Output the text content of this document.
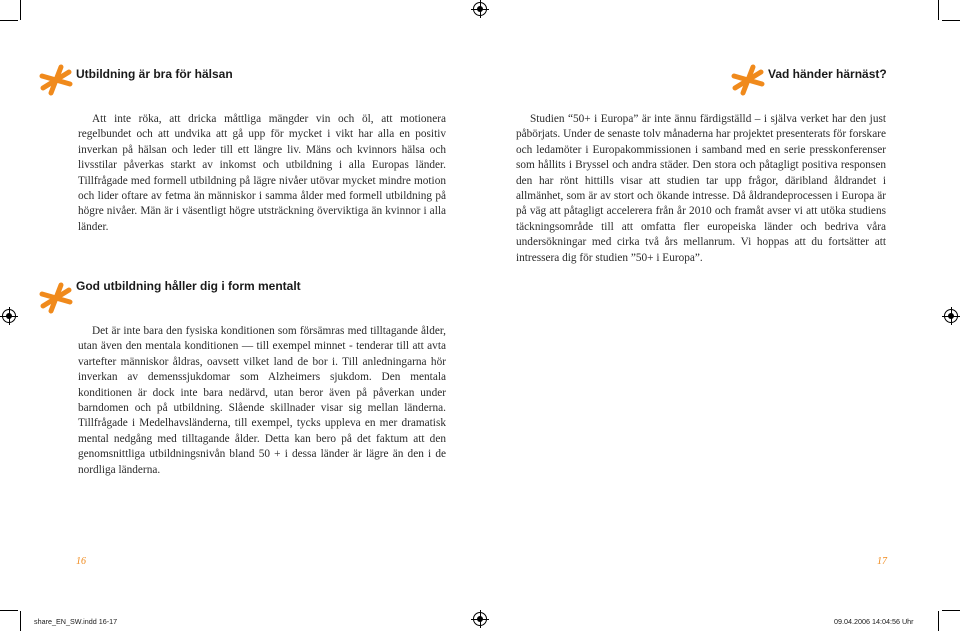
Utbildning är bra för hälsan

Att inte röka, att dricka måttliga mängder vin och öl, att motionera regelbundet och att undvika att gå upp för mycket i vikt har alla en positiv inverkan på hälsan och leder till ett längre liv. Mäns och kvinnors hälsa och livsstilar påverkas starkt av inkomst och utbildning i alla Europas länder. Tillfrågade med formell utbildning på lägre nivåer utövar mycket mindre motion och lider oftare av fetma än människor i samma ålder med formell utbildning på högre nivåer. Män är i väsentligt högre utsträckning överviktiga än kvinnor i alla länder.

God utbildning håller dig i form mentalt

Det är inte bara den fysiska konditionen som försämras med tilltagande ålder, utan även den mentala konditionen — till exempel minnet - tenderar till att avta vartefter människor åldras, oavsett vilket land de bor i. Till anledningarna hör inverkan av demenssjukdomar som Alzheimers sjukdom. Den mentala konditionen är dock inte bara nedärvd, utan beror även på påverkan under barndomen och på utbildning. Slående skillnader visar sig mellan länderna. Tillfrågade i Medelhavsländerna, till exempel, tycks uppleva en mer dramatisk mental nedgång med tilltagande ålder. Detta kan bero på det faktum att den genomsnittliga utbildningsnivån bland 50 + i dessa länder är lägre än den i de nordliga länderna.

16
Vad händer härnäst?

Studien “50+ i Europa” är inte ännu färdigställd – i själva verket har den just påbörjats. Under de senaste tolv månaderna har projektet presenterats för forskare och ledamöter i Europakommissionen i samband med en serie presskonferenser som hållits i Bryssel och andra städer. Den stora och påtagligt positiva responsen den har rönt hittills visar att studien tar upp frågor, däribland åldrandet i allmänhet, som är av stort och ökande intresse. Då åldrandeprocessen i Europa är på väg att påtagligt accelerera från år 2010 och framåt avser vi att utöka studiens täckningsområde till att omfatta fler europeiska länder och bedriva våra undersökningar med cirka två års mellanrum. Vi hoppas att du fortsätter att intressera dig för studien ”50+ i Europa”.

17
share_EN_SW.indd 16-17	09.04.2006 14:04:56 Uhr
